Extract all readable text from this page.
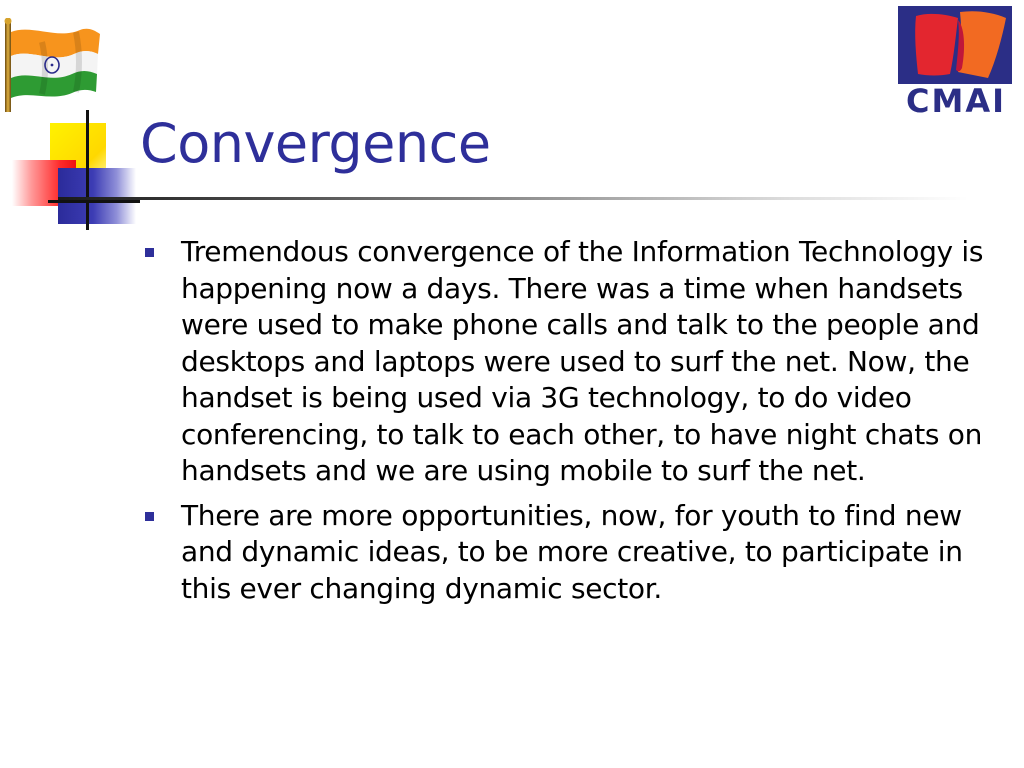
CMAI
Convergence
Tremendous convergence of the Information Technology is happening now a days. There was a time when handsets were used to make phone calls and talk to the people and desktops and laptops were used to surf the net. Now, the handset is being used via 3G technology, to do video conferencing, to talk to each other, to have night chats on handsets and we are using mobile to surf the net.
There are more opportunities, now, for youth to find new and dynamic ideas, to be more creative, to participate in this ever changing dynamic sector.
